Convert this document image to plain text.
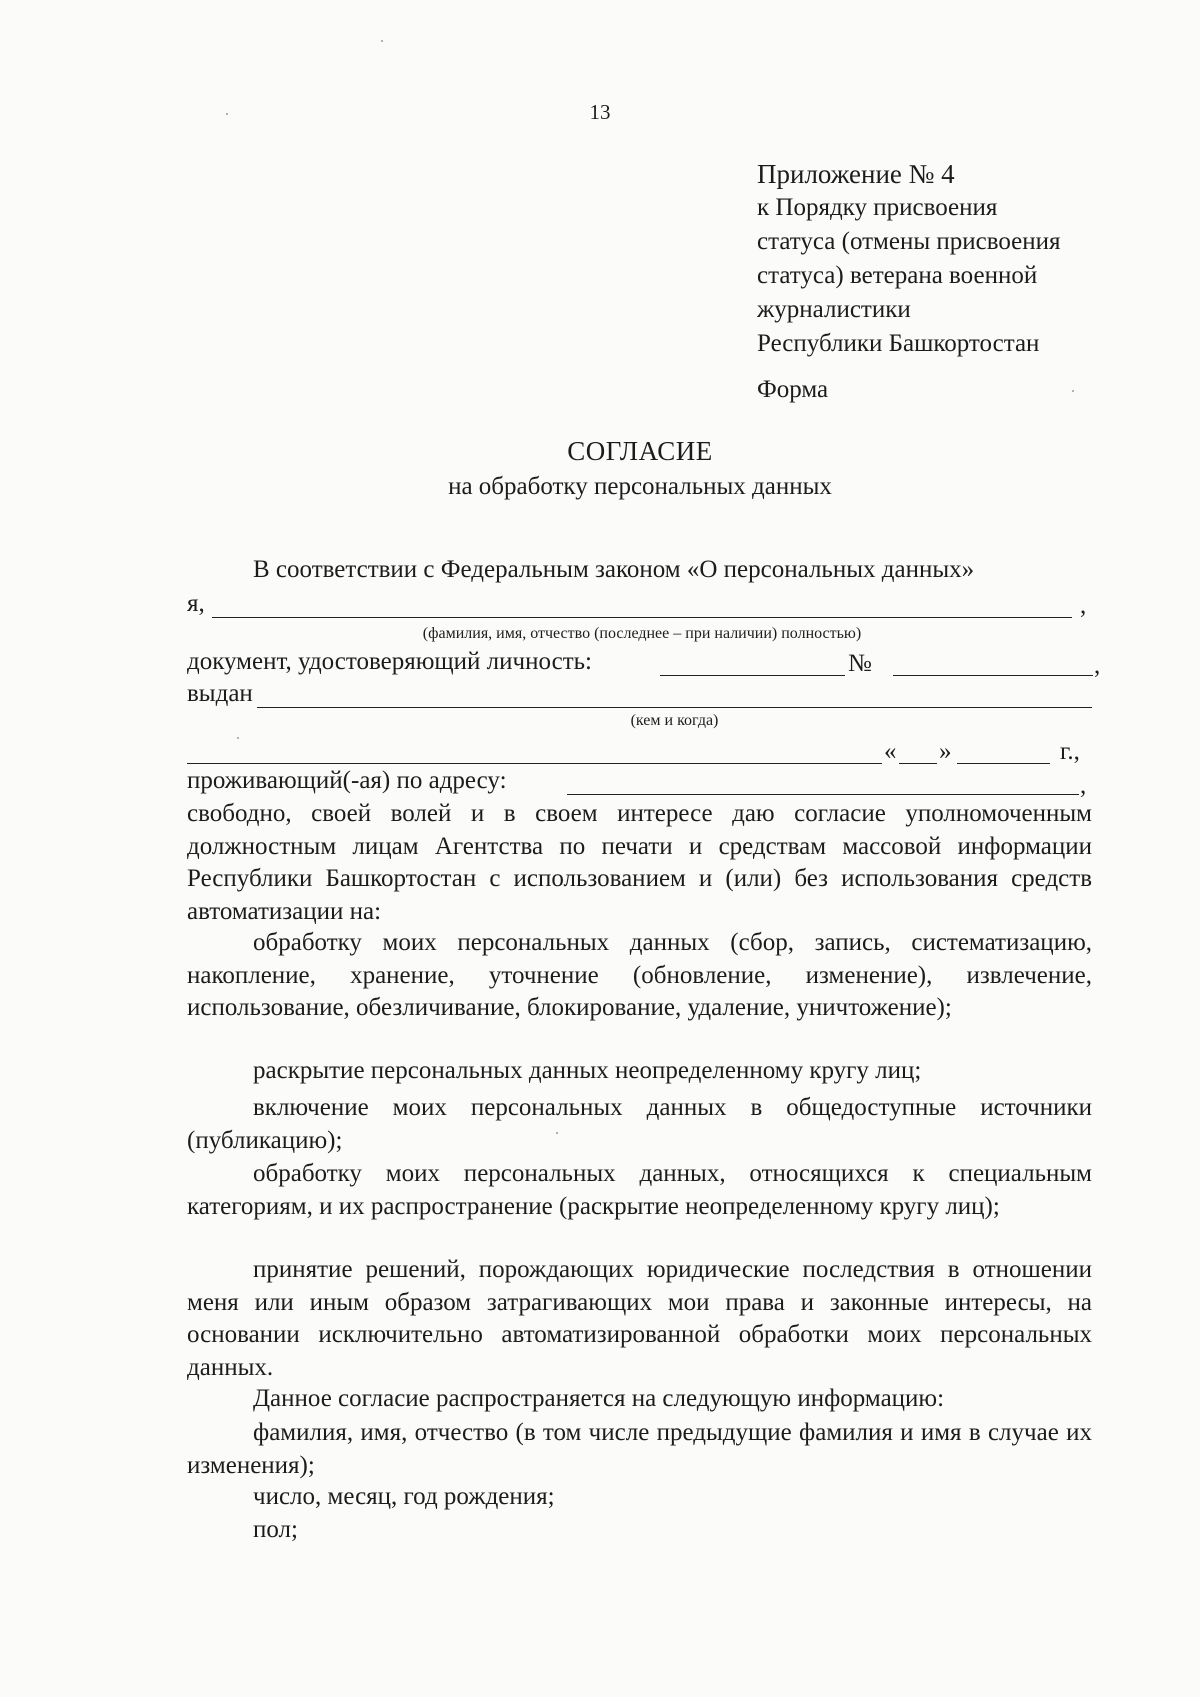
13
Приложение № 4
к Порядку присвоения
статуса (отмены присвоения
статуса) ветерана военной
журналистики
Республики Башкортостан
Форма
СОГЛАСИЕ
на обработку персональных данных
В соответствии с Федеральным законом «О персональных данных»
я,	,
(фамилия, имя, отчество (последнее – при наличии) полностью)
документ, удостоверяющий личность:	№	,
выдан
(кем и когда)
« »	г.,
проживающий(-ая) по адресу:	,
свободно, своей волей и в своем интересе даю согласие уполномоченным должностным лицам Агентства по печати и средствам массовой информации Республики Башкортостан с использованием и (или) без использования средств автоматизации на:
обработку моих персональных данных (сбор, запись, систематизацию, накопление, хранение, уточнение (обновление, изменение), извлечение, использование, обезличивание, блокирование, удаление, уничтожение);
раскрытие персональных данных неопределенному кругу лиц;
включение моих персональных данных в общедоступные источники (публикацию);
обработку моих персональных данных, относящихся к специальным категориям, и их распространение (раскрытие неопределенному кругу лиц);
принятие решений, порождающих юридические последствия в отношении меня или иным образом затрагивающих мои права и законные интересы, на основании исключительно автоматизированной обработки моих персональных данных.
Данное согласие распространяется на следующую информацию:
фамилия, имя, отчество (в том числе предыдущие фамилия и имя в случае их изменения);
число, месяц, год рождения;
пол;
